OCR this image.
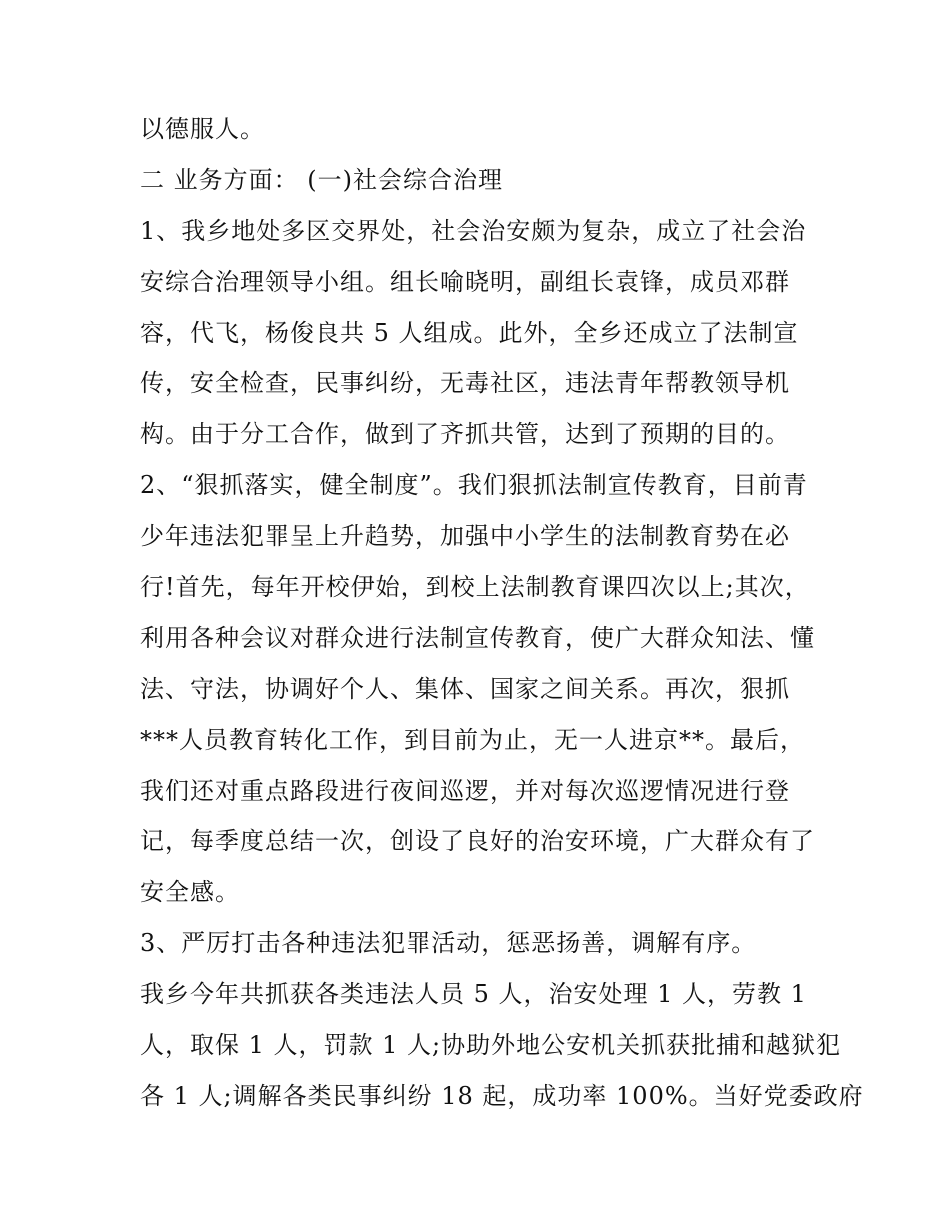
以德服人。
二 业务方面： (一)社会综合治理
1、我乡地处多区交界处，社会治安颇为复杂，成立了社会治
安综合治理领导小组。组长喻晓明，副组长袁锋，成员邓群
容，代飞，杨俊良共 5 人组成。此外，全乡还成立了法制宣
传，安全检查，民事纠纷，无毒社区，违法青年帮教领导机
构。由于分工合作，做到了齐抓共管，达到了预期的目的。
2、“狠抓落实，健全制度”。我们狠抓法制宣传教育，目前青
少年违法犯罪呈上升趋势，加强中小学生的法制教育势在必
行!首先，每年开校伊始，到校上法制教育课四次以上;其次，
利用各种会议对群众进行法制宣传教育，使广大群众知法、懂
法、守法，协调好个人、集体、国家之间关系。再次，狠抓
***人员教育转化工作，到目前为止，无一人进京**。最后，
我们还对重点路段进行夜间巡逻，并对每次巡逻情况进行登
记，每季度总结一次，创设了良好的治安环境，广大群众有了
安全感。
3、严厉打击各种违法犯罪活动，惩恶扬善，调解有序。
我乡今年共抓获各类违法人员 5 人，治安处理 1 人，劳教 1
人，取保 1 人，罚款 1 人;协助外地公安机关抓获批捕和越狱犯
各 1 人;调解各类民事纠纷 18 起，成功率 100%。当好党委政府
